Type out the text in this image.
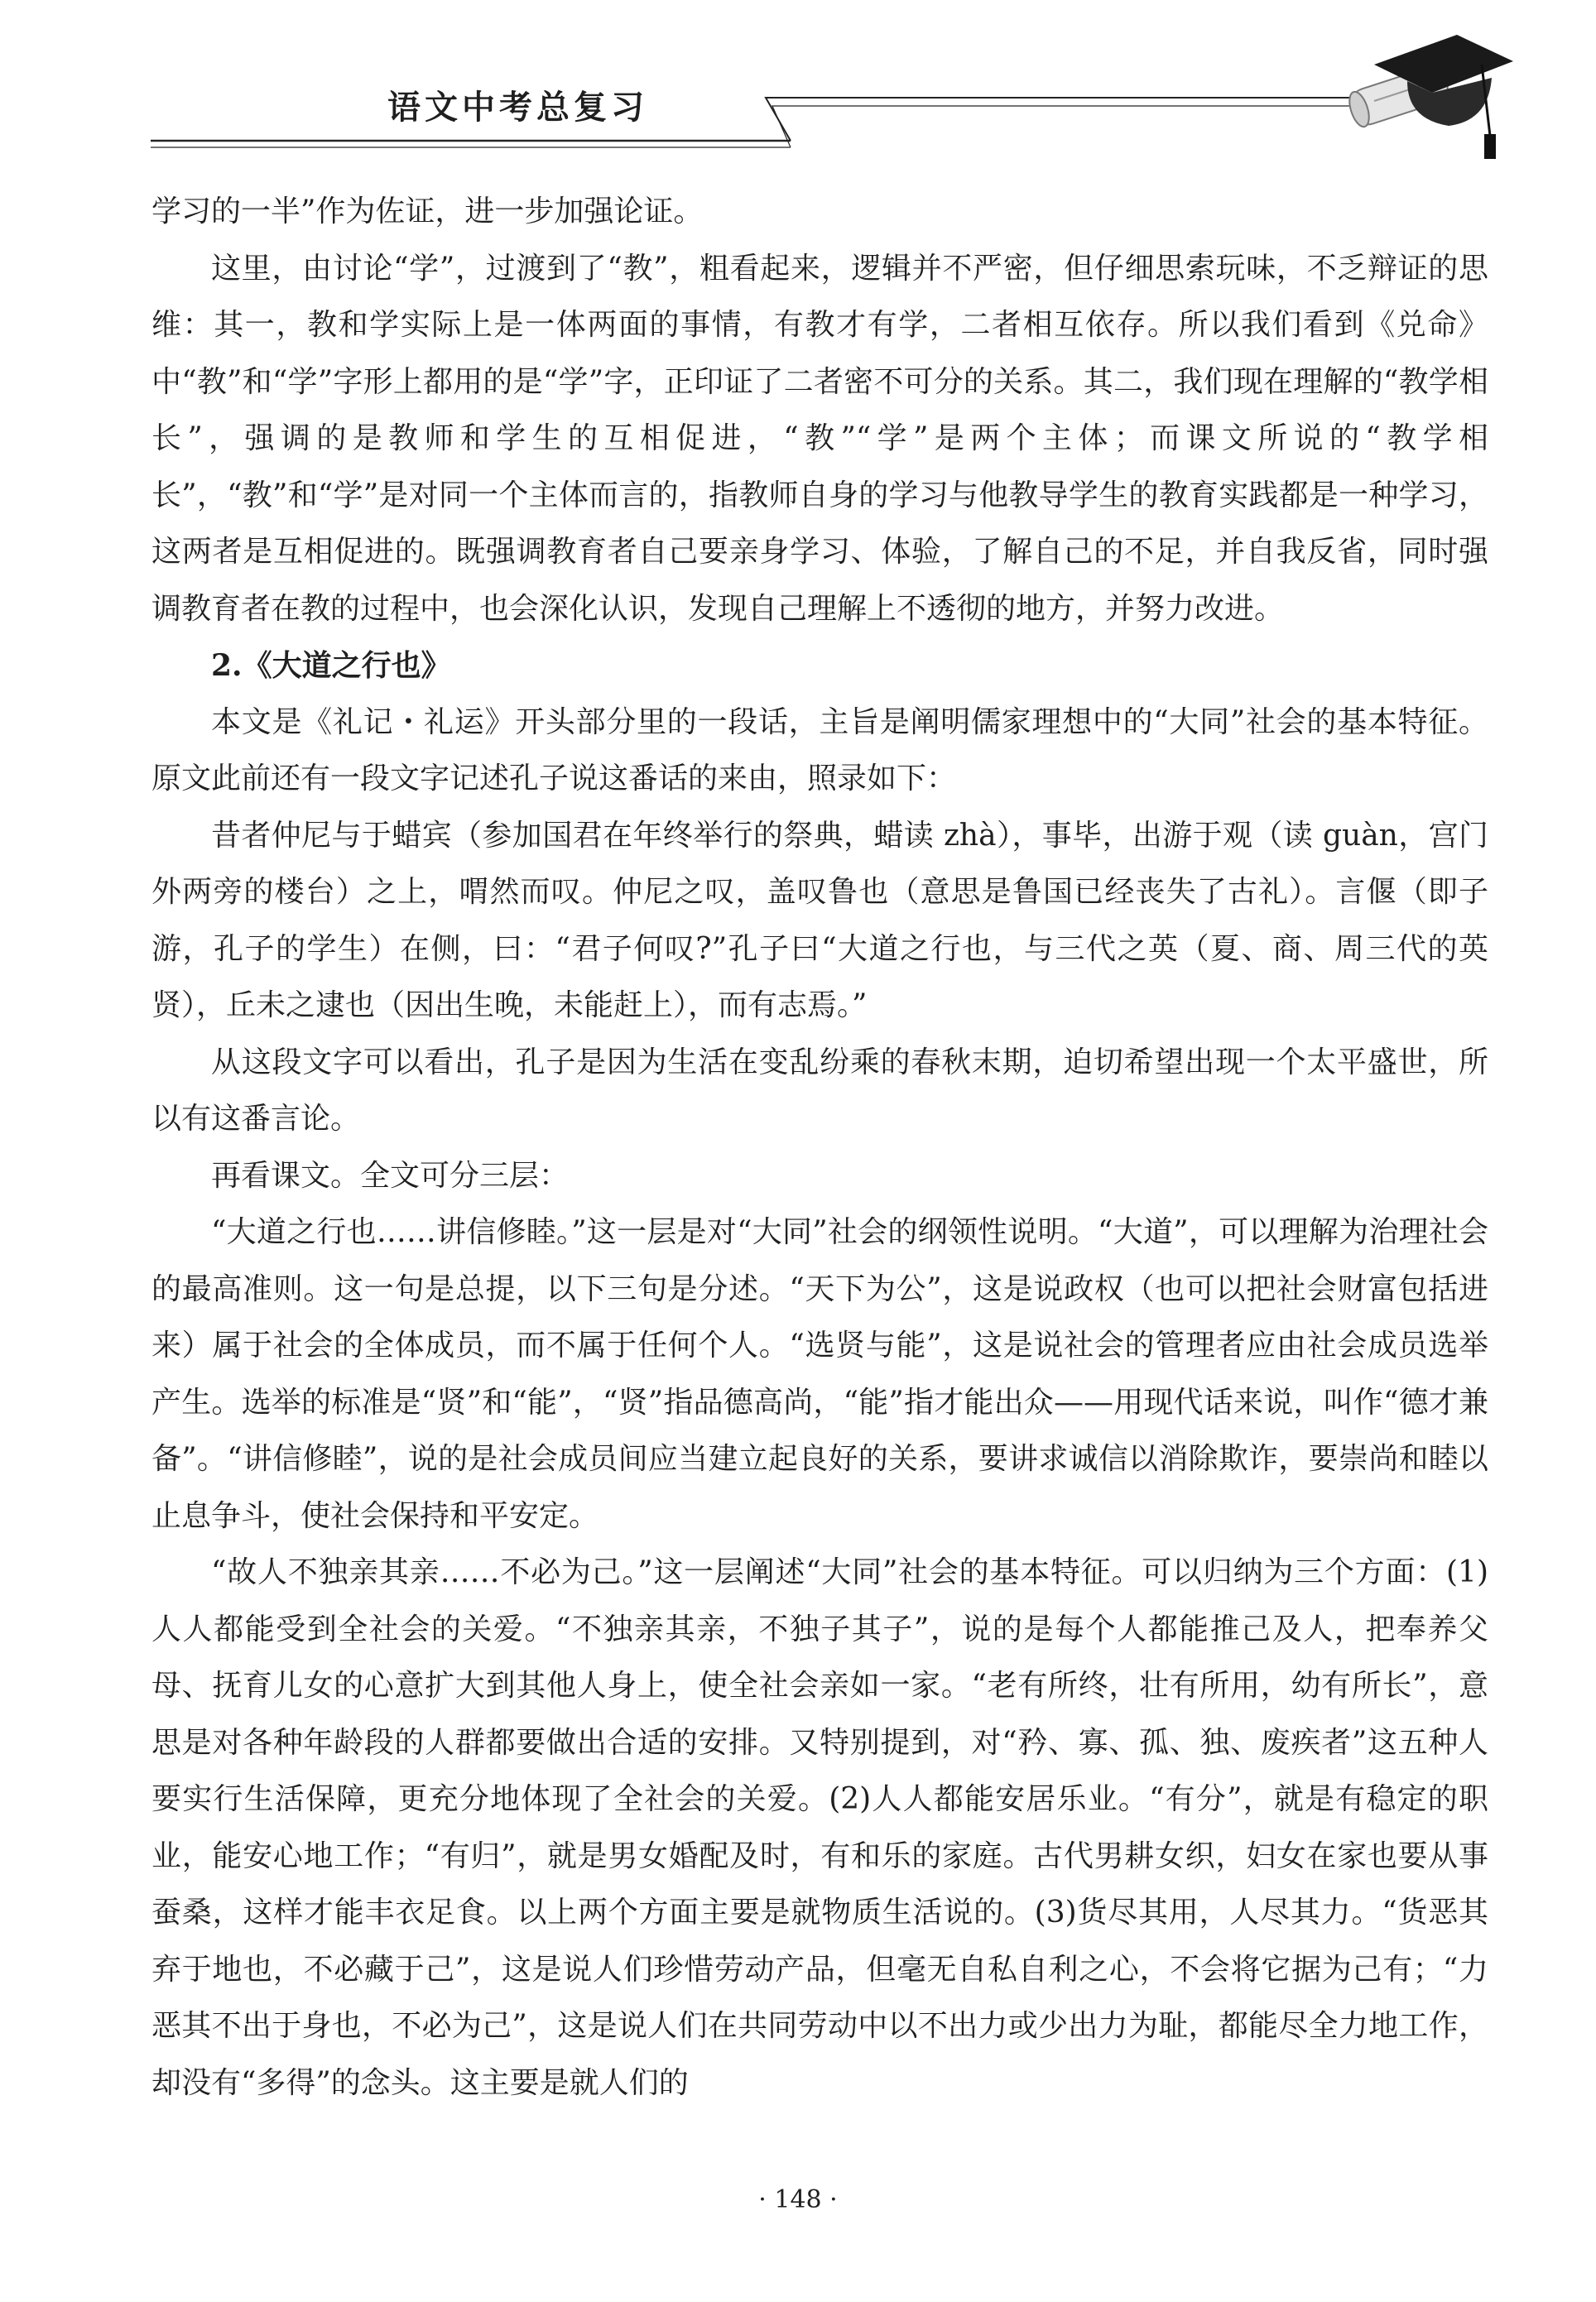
语文中考总复习

学习的一半”作为佐证，进一步加强论证。

这里，由讨论“学”，过渡到了“教”，粗看起来，逻辑并不严密，但仔细思索玩味，不乏辩证的思维：其一，教和学实际上是一体两面的事情，有教才有学，二者相互依存。所以我们看到《兑命》中“教”和“学”字形上都用的是“学”字，正印证了二者密不可分的关系。其二，我们现在理解的“教学相长”，强调的是教师和学生的互相促进，“教”“学”是两个主体；而课文所说的“教学相长”，“教”和“学”是对同一个主体而言的，指教师自身的学习与他教导学生的教育实践都是一种学习，这两者是互相促进的。既强调教育者自己要亲身学习、体验，了解自己的不足，并自我反省，同时强调教育者在教的过程中，也会深化认识，发现自己理解上不透彻的地方，并努力改进。

2.《大道之行也》

本文是《礼记・礼运》开头部分里的一段话，主旨是阐明儒家理想中的“大同”社会的基本特征。原文此前还有一段文字记述孔子说这番话的来由，照录如下：

昔者仲尼与于蜡宾（参加国君在年终举行的祭典，蜡读 zhà），事毕，出游于观（读 guàn，宫门外两旁的楼台）之上，喟然而叹。仲尼之叹，盖叹鲁也（意思是鲁国已经丧失了古礼）。言偃（即子游，孔子的学生）在侧，曰：“君子何叹?”孔子曰“大道之行也，与三代之英（夏、商、周三代的英贤），丘未之逮也（因出生晚，未能赶上），而有志焉。”

从这段文字可以看出，孔子是因为生活在变乱纷乘的春秋末期，迫切希望出现一个太平盛世，所以有这番言论。

再看课文。全文可分三层：

“大道之行也……讲信修睦。”这一层是对“大同”社会的纲领性说明。“大道”，可以理解为治理社会的最高准则。这一句是总提，以下三句是分述。“天下为公”，这是说政权（也可以把社会财富包括进来）属于社会的全体成员，而不属于任何个人。“选贤与能”，这是说社会的管理者应由社会成员选举产生。选举的标准是“贤”和“能”，“贤”指品德高尚，“能”指才能出众——用现代话来说，叫作“德才兼备”。“讲信修睦”，说的是社会成员间应当建立起良好的关系，要讲求诚信以消除欺诈，要崇尚和睦以止息争斗，使社会保持和平安定。

“故人不独亲其亲……不必为己。”这一层阐述“大同”社会的基本特征。可以归纳为三个方面：(1)人人都能受到全社会的关爱。“不独亲其亲，不独子其子”，说的是每个人都能推己及人，把奉养父母、抚育儿女的心意扩大到其他人身上，使全社会亲如一家。“老有所终，壮有所用，幼有所长”，意思是对各种年龄段的人群都要做出合适的安排。又特别提到，对“矜、寡、孤、独、废疾者”这五种人要实行生活保障，更充分地体现了全社会的关爱。(2)人人都能安居乐业。“有分”，就是有稳定的职业，能安心地工作；“有归”，就是男女婚配及时，有和乐的家庭。古代男耕女织，妇女在家也要从事蚕桑，这样才能丰衣足食。以上两个方面主要是就物质生活说的。(3)货尽其用，人尽其力。“货恶其弃于地也，不必藏于己”，这是说人们珍惜劳动产品，但毫无自私自利之心，不会将它据为己有；“力恶其不出于身也，不必为己”，这是说人们在共同劳动中以不出力或少出力为耻，都能尽全力地工作，却没有“多得”的念头。这主要是就人们的

· 148 ·
